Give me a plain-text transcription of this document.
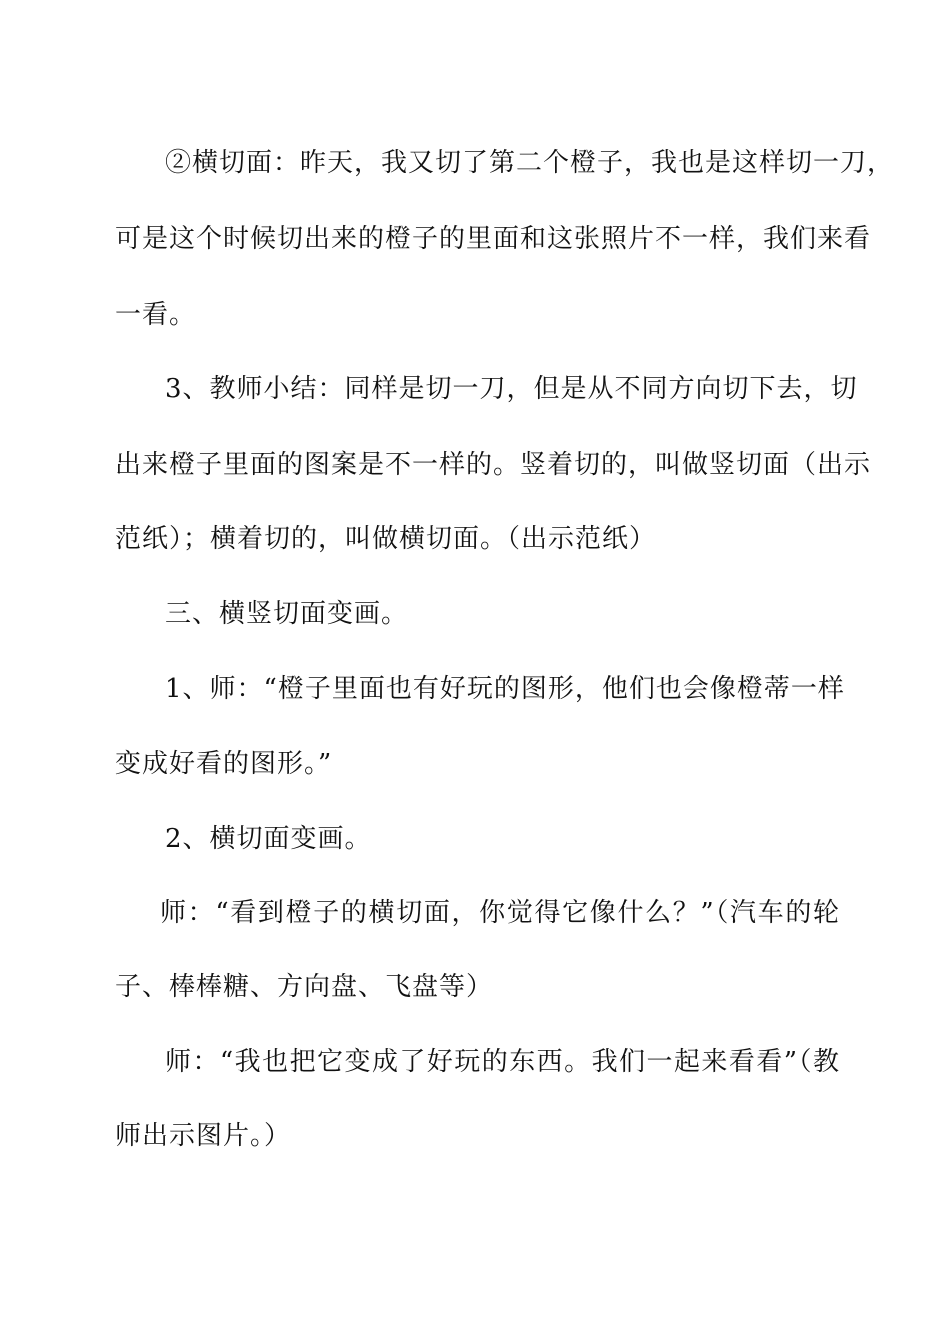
②横切面：昨天，我又切了第二个橙子，我也是这样切一刀，
可是这个时候切出来的橙子的里面和这张照片不一样，我们来看
一看。
3、教师小结：同样是切一刀，但是从不同方向切下去，切
出来橙子里面的图案是不一样的。竖着切的，叫做竖切面（出示
范纸）；横着切的，叫做横切面。（出示范纸）
三、横竖切面变画。
1、师：“橙子里面也有好玩的图形，他们也会像橙蒂一样
变成好看的图形。”
2、横切面变画。
师：“看到橙子的横切面，你觉得它像什么？”（汽车的轮
子、棒棒糖、方向盘、飞盘等）
师：“我也把它变成了好玩的东西。我们一起来看看”（教
师出示图片。）
